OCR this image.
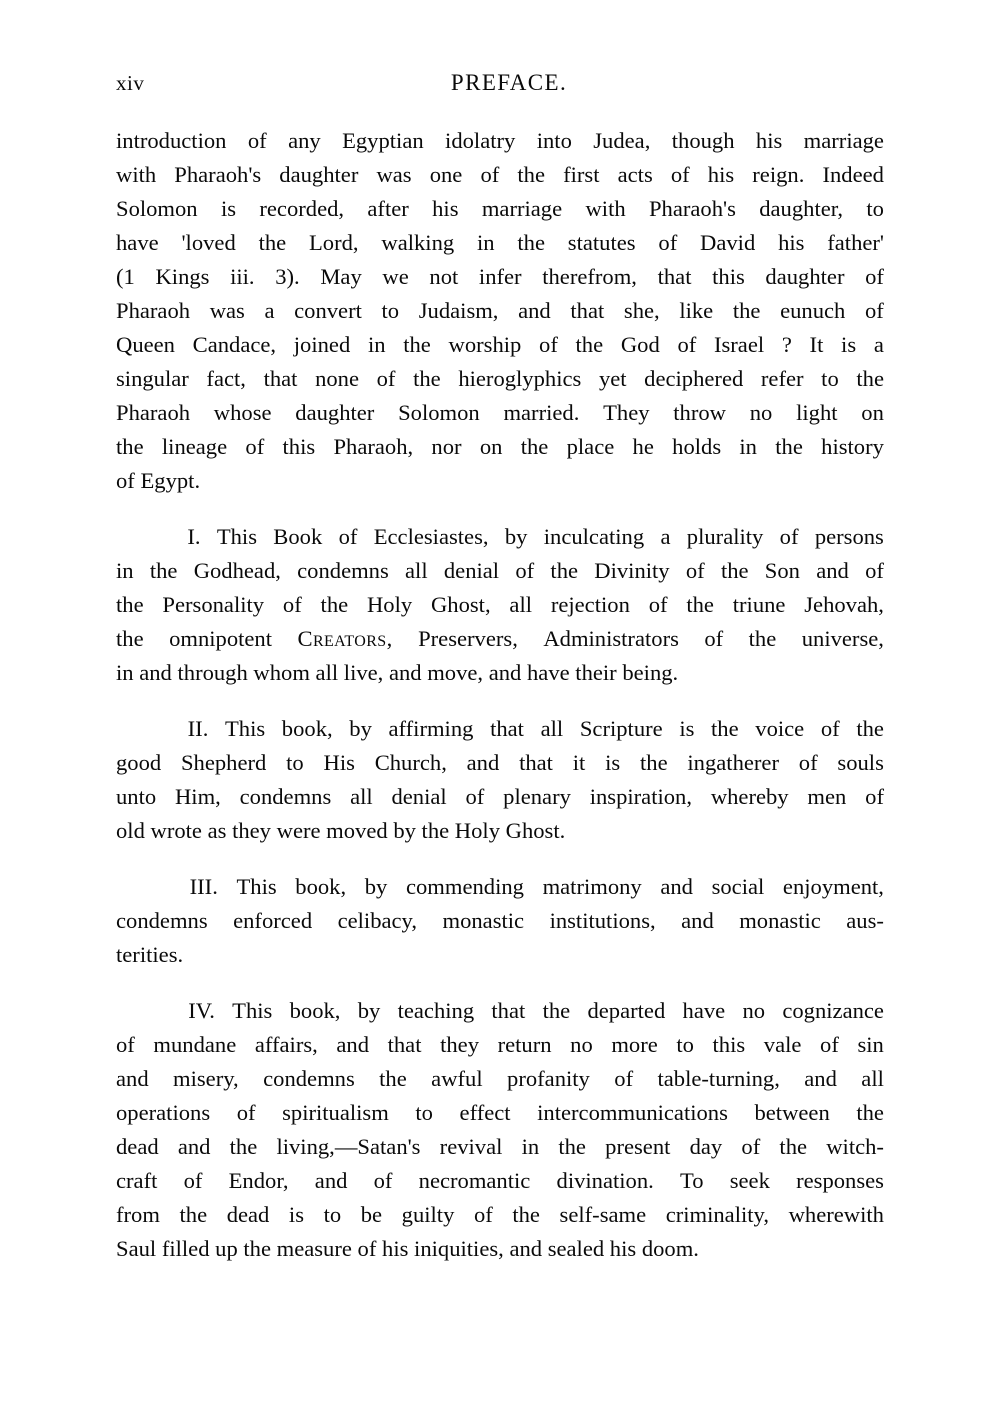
xiv	PREFACE.
introduction of any Egyptian idolatry into Judea, though his marriage
with Pharaoh's daughter was one of the first acts of his reign. Indeed
Solomon is recorded, after his marriage with Pharaoh's daughter, to
have 'loved the Lord, walking in the statutes of David his father'
(1 Kings iii. 3). May we not infer therefrom, that this daughter of
Pharaoh was a convert to Judaism, and that she, like the eunuch of
Queen Candace, joined in the worship of the God of Israel ? It is a
singular fact, that none of the hieroglyphics yet deciphered refer to the
Pharaoh whose daughter Solomon married. They throw no light on
the lineage of this Pharaoh, nor on the place he holds in the history
of Egypt.
I. This Book of Ecclesiastes, by inculcating a plurality of persons
in the Godhead, condemns all denial of the Divinity of the Son and of
the Personality of the Holy Ghost, all rejection of the triune Jehovah,
the omnipotent Creators, Preservers, Administrators of the universe,
in and through whom all live, and move, and have their being.
II. This book, by affirming that all Scripture is the voice of the
good Shepherd to His Church, and that it is the ingatherer of souls
unto Him, condemns all denial of plenary inspiration, whereby men of
old wrote as they were moved by the Holy Ghost.
III. This book, by commending matrimony and social enjoyment,
condemns enforced celibacy, monastic institutions, and monastic aus-
terities.
IV. This book, by teaching that the departed have no cognizance
of mundane affairs, and that they return no more to this vale of sin
and misery, condemns the awful profanity of table-turning, and all
operations of spiritualism to effect intercommunications between the
dead and the living,—Satan's revival in the present day of the witch-
craft of Endor, and of necromantic divination. To seek responses
from the dead is to be guilty of the self-same criminality, wherewith
Saul filled up the measure of his iniquities, and sealed his doom.
